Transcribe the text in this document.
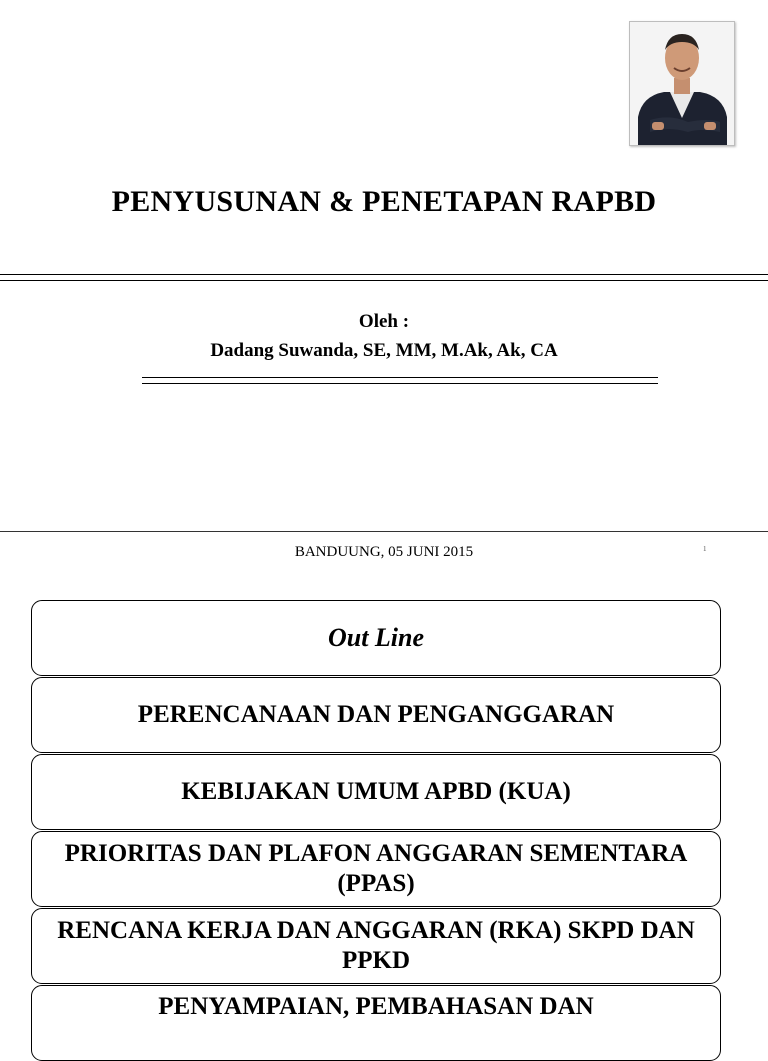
PENYUSUNAN & PENETAPAN RAPBD
Oleh :
Dadang Suwanda, SE, MM, M.Ak, Ak, CA
BANDUUNG, 05 JUNI 2015	1
Out Line
PERENCANAAN DAN PENGANGGARAN
KEBIJAKAN UMUM APBD (KUA)
PRIORITAS DAN PLAFON ANGGARAN SEMENTARA (PPAS)
RENCANA KERJA DAN ANGGARAN (RKA) SKPD DAN PPKD
PENYAMPAIAN, PEMBAHASAN DAN
